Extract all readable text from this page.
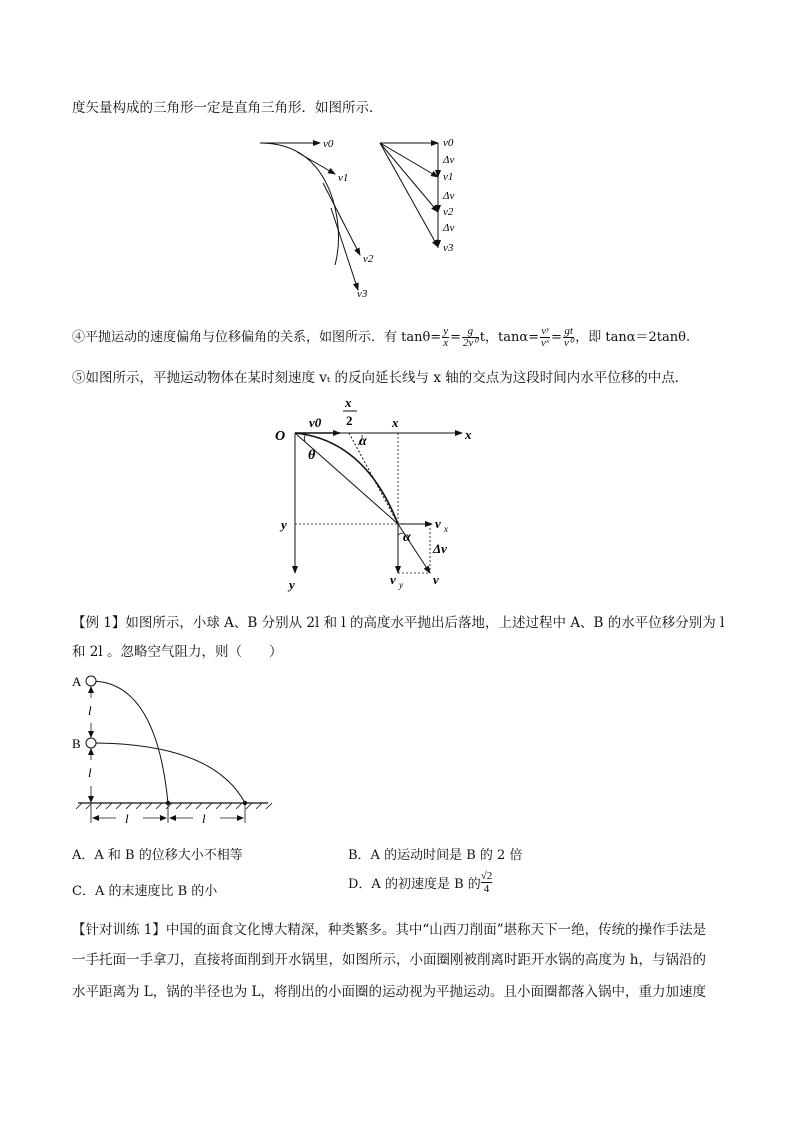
度矢量构成的三角形一定是直角三角形．如图所示．
v0
v1
v2
v3
v0
Δv
v1
Δv
v2
Δv
v3
④平抛运动的速度偏角与位移偏角的关系，如图所示．有 $\tan\theta= \frac{y}{x} = \frac{g}{\text{2v⁰}}$ t，$\tan\alpha= \frac{\text{vʸ}}{\text{vˣ}} = \frac{gt}{\text{v⁰}}$ ，即 tanα＝2tanθ.
⑤如图所示，平抛运动物体在某时刻速度 vₜ 的反向延长线与 x 轴的交点为这段时间内水平位移的中点．
O
v0
x
2
α
x
x
θ
y
y
v x
α
Δv
v y v
【例 1】如图所示，小球 A、B 分别从 2l 和 l 的高度水平抛出后落地，上述过程中 A、B 的水平位移分别为 l
和 2l 。忽略空气阻力，则（　　）
A
B
l
l
l	l
A．A 和 B 的位移大小不相等	B．A 的运动时间是 B 的 2 倍
C．A 的末速度比 B 的小	D．A 的初速度是 B 的 $\frac{√2}{4}$
【针对训练 1】中国的面食文化博大精深，种类繁多。其中“山西刀削面”堪称天下一绝，传统的操作手法是
一手托面一手拿刀，直接将面削到开水锅里，如图所示，小面圈刚被削离时距开水锅的高度为 h，与锅沿的
水平距离为 L，锅的半径也为 L，将削出的小面圈的运动视为平抛运动。且小面圈都落入锅中，重力加速度
